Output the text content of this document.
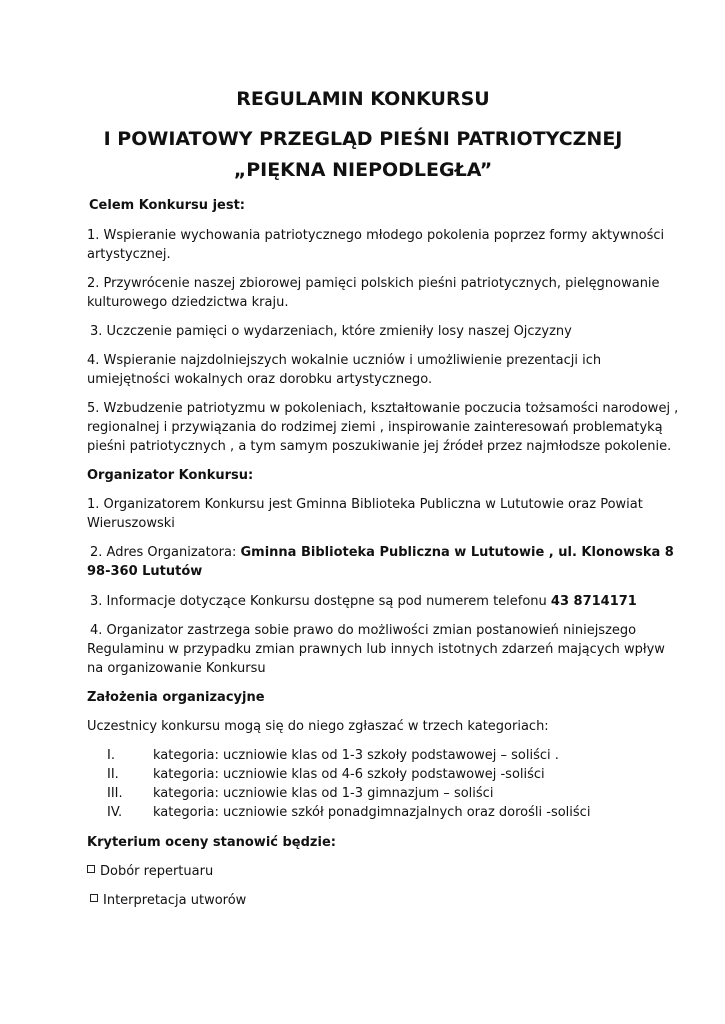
REGULAMIN KONKURSU
I POWIATOWY PRZEGLĄD PIEŚNI PATRIOTYCZNEJ
„PIĘKNA NIEPODLEGŁA”

Celem Konkursu jest:

1. Wspieranie wychowania patriotycznego młodego pokolenia poprzez formy aktywności

artystycznej.

2. Przywrócenie naszej zbiorowej pamięci polskich pieśni patriotycznych, pielęgnowanie

kulturowego dziedzictwa kraju.

3. Uczczenie pamięci o wydarzeniach, które zmieniły losy naszej Ojczyzny

4. Wspieranie najzdolniejszych wokalnie uczniów i umożliwienie prezentacji ich

umiejętności wokalnych oraz dorobku artystycznego.

5. Wzbudzenie patriotyzmu w pokoleniach, kształtowanie poczucia tożsamości narodowej ,

regionalnej i przywiązania do rodzimej ziemi , inspirowanie zainteresowań problematyką

pieśni patriotycznych , a tym samym poszukiwanie jej źródeł przez najmłodsze pokolenie.

Organizator Konkursu:

1. Organizatorem Konkursu jest Gminna Biblioteka Publiczna w Lututowie oraz Powiat

Wieruszowski

2. Adres Organizatora: Gminna Biblioteka Publiczna w Lututowie , ul. Klonowska 8

98-360 Lututów

3. Informacje dotyczące Konkursu dostępne są pod numerem telefonu 43 8714171

4. Organizator zastrzega sobie prawo do możliwości zmian postanowień niniejszego

Regulaminu w przypadku zmian prawnych lub innych istotnych zdarzeń mających wpływ

na organizowanie Konkursu

Założenia organizacyjne

Uczestnicy konkursu mogą się do niego zgłaszać w trzech kategoriach:

I.	kategoria: uczniowie klas od 1-3 szkoły podstawowej – soliści .

II.	kategoria: uczniowie klas od 4-6 szkoły podstawowej -soliści

III. kategoria: uczniowie klas od 1-3 gimnazjum – soliści

IV. kategoria: uczniowie szkół ponadgimnazjalnych oraz dorośli -soliści

Kryterium oceny stanowić będzie:

Dobór repertuaru

Interpretacja utworów
